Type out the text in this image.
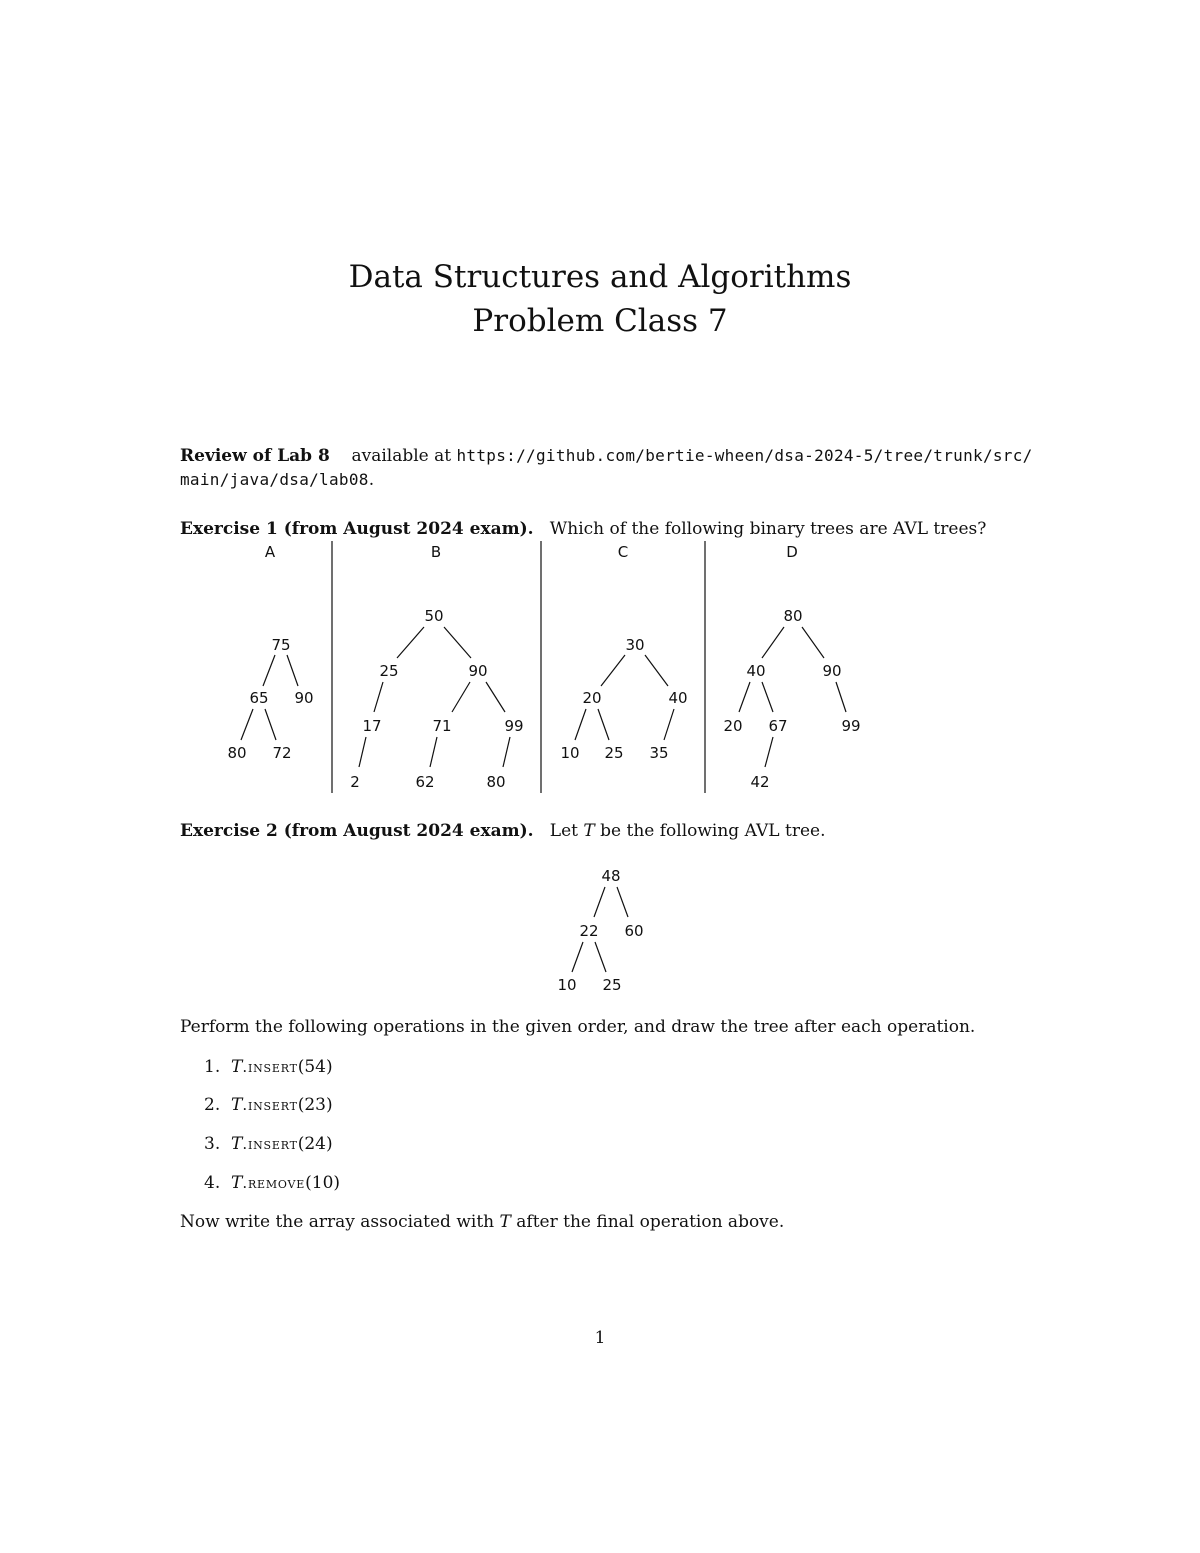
Data Structures and Algorithms
Problem Class 7
Review of Lab 8 available at https://github.com/bertie-wheen/dsa-2024-5/tree/trunk/src/
main/java/dsa/lab08.
Exercise 1 (from August 2024 exam). Which of the following binary trees are AVL trees?
A	B	C	D
75
65 90
80 72
50
25	90
17	71	99
2	62	80
30
20	40
10 25 35
80
40	90
20 67	99
42
48
22 60
10 25
Exercise 2 (from August 2024 exam). Let T be the following AVL tree.
Perform the following operations in the given order, and draw the tree after each operation.
1. T.insert(54)
2. T.insert(23)
3. T.insert(24)
4. T.remove(10)
Now write the array associated with T after the final operation above.
1
